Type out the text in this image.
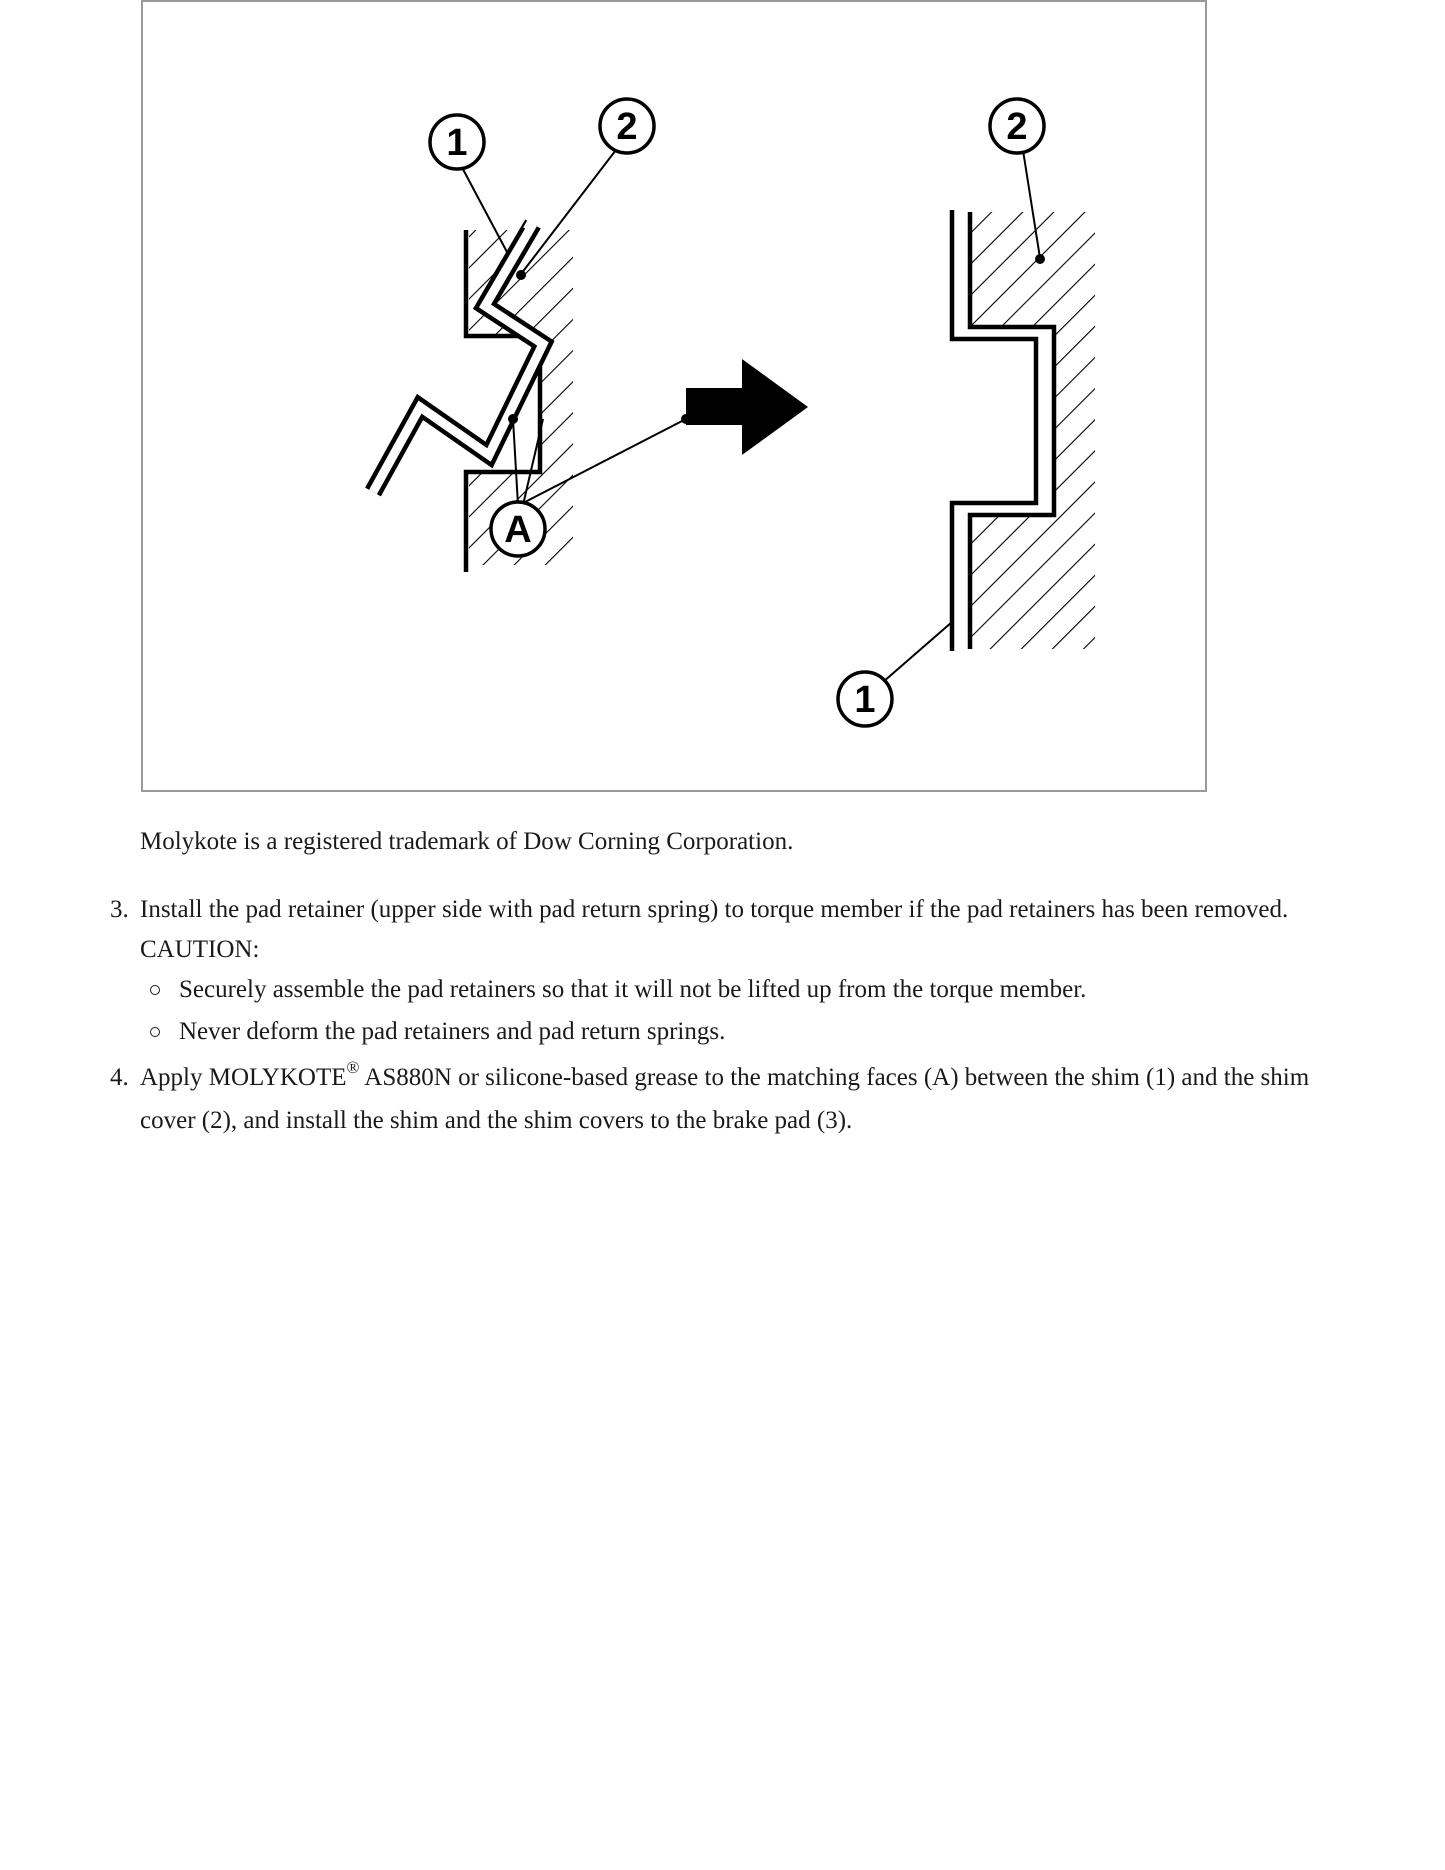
1	2
A
2
1

Molykote is a registered trademark of Dow Corning Corporation.

3. Install the pad retainer (upper side with pad return spring) to torque member if the pad retainers has been removed.
CAUTION:
Securely assemble the pad retainers so that it will not be lifted up from the torque member.
Never deform the pad retainers and pad return springs.
4. Apply MOLYKOTE® AS880N or silicone-based grease to the matching faces (A) between the shim (1) and the shim cover (2), and install the shim and the shim covers to the brake pad (3).
